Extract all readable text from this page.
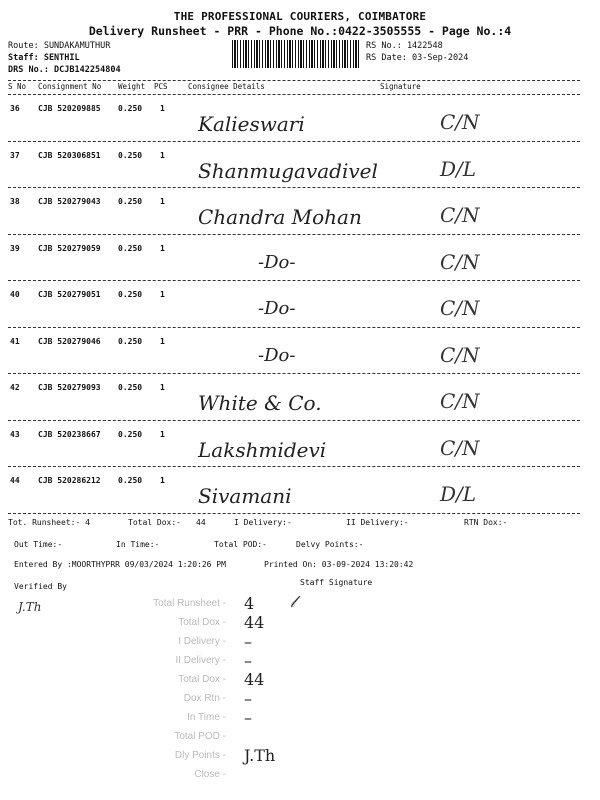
THE PROFESSIONAL COURIERS, COIMBATORE
Delivery Runsheet - PRR - Phone No.:0422-3505555 - Page No.:4
Route: SUNDAKAMUTHUR
Staff: SENTHIL
DRS No.: DCJB142254804
RS No.: 1422548
RS Date: 03-Sep-2024
S No Consignment No Weight PCS	Consignee Details	Signature
36 CJB 520209885 0.250 1
Kalieswari	C/N
37 CJB 520306851 0.250 1
Shanmugavadivel	D/L
38 CJB 520279043 0.250 1
Chandra Mohan	C/N
39 CJB 520279059 0.250 1
-Do-	C/N
40 CJB 520279051 0.250 1
-Do-	C/N
41 CJB 520279046 0.250 1
-Do-	C/N
42 CJB 520279093 0.250 1
White & Co.	C/N
43 CJB 520238667 0.250 1
Lakshmidevi	C/N
44 CJB 520286212 0.250 1
Sivamani	D/L
Tot. Runsheet:- 4	Total Dox:- 44	I Delivery:-	II Delivery:-	RTN Dox:-
Out Time:-	In Time:-	Total POD:-	Delvy Points:-
Entered By :MOORTHYPRR 09/03/2024 1:20:26 PM	Printed On: 03-09-2024 13:20:42
Verified By	Staff Signature
J.Th	𝓁
Total Runsheet - 4
Total Dox - 44
I Delivery - –
II Delivery - –
Total Dox - 44
Dox Rtn - –
In Time - –
Total POD -
Dly Points - J.Th
Close -
